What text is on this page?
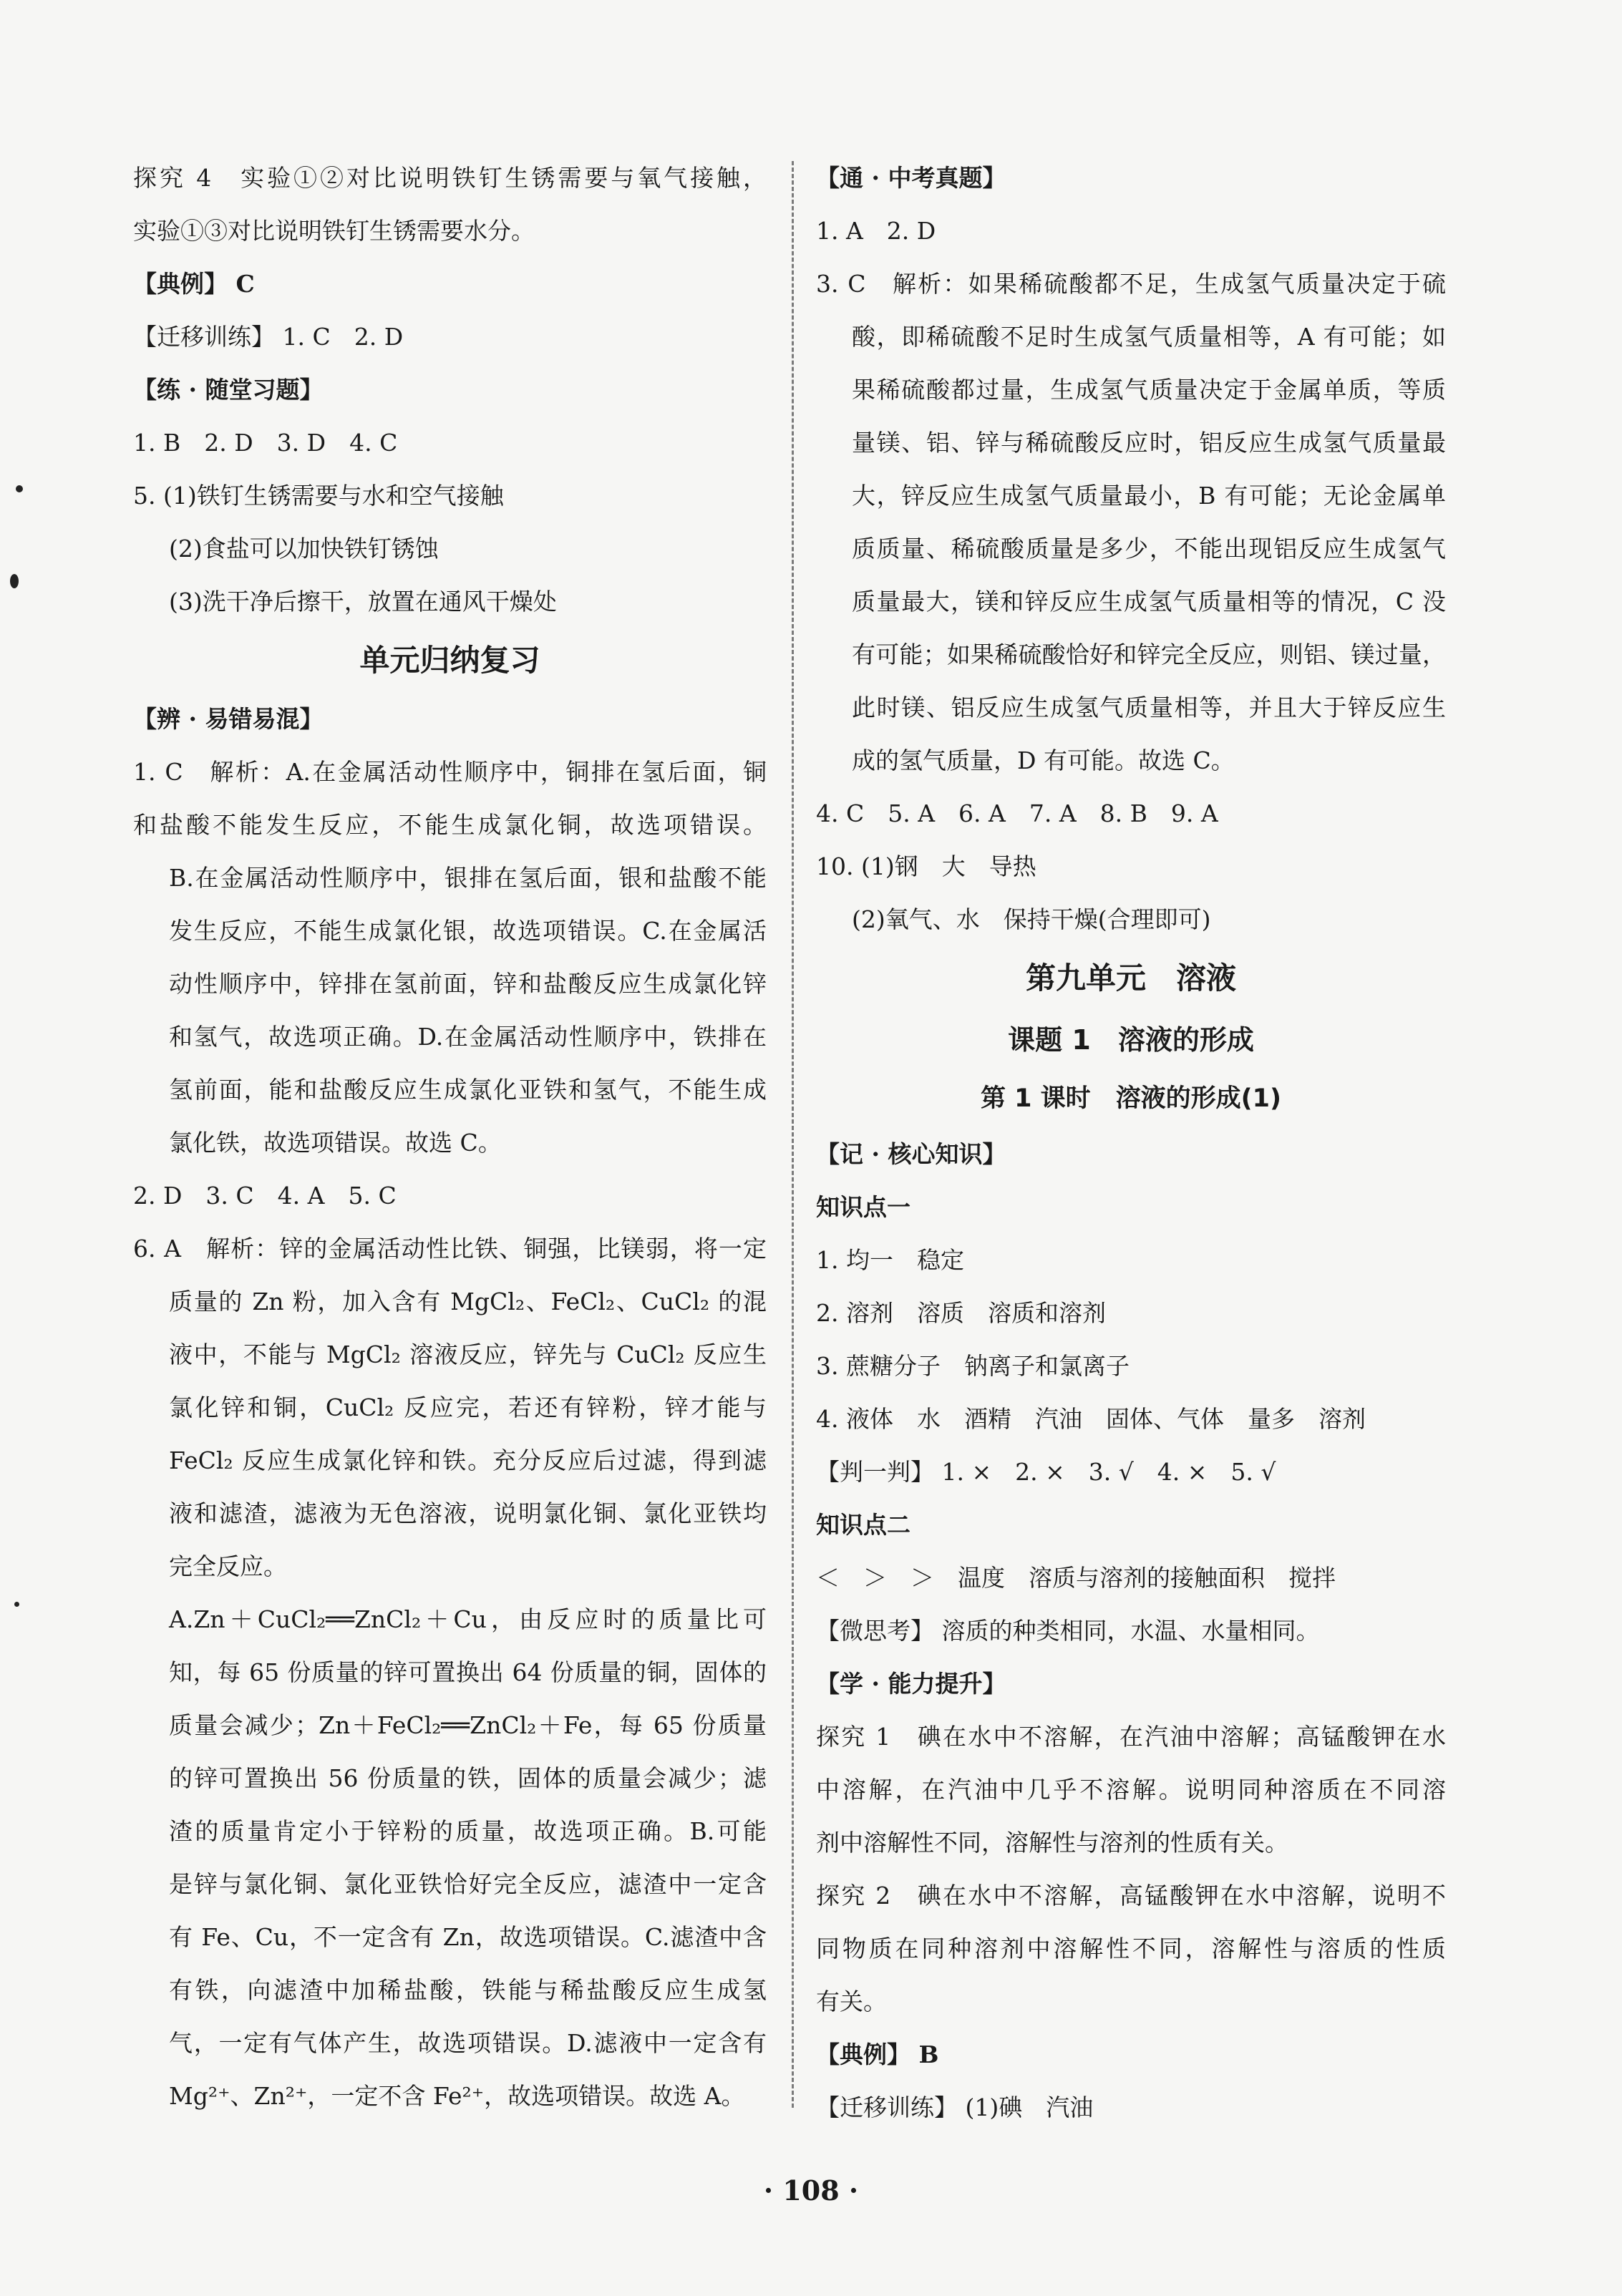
探究 4　实验①②对比说明铁钉生锈需要与氧气接触，
实验①③对比说明铁钉生锈需要水分。
【典例】 C
【迁移训练】 1. C　2. D
【练 · 随堂习题】
1. B　2. D　3. D　4. C
5. (1)铁钉生锈需要与水和空气接触
(2)食盐可以加快铁钉锈蚀
(3)洗干净后擦干，放置在通风干燥处
单元归纳复习
【辨 · 易错易混】
1. C　解析：A.在金属活动性顺序中，铜排在氢后面，铜
和盐酸不能发生反应，不能生成氯化铜，故选项错误。
B.在金属活动性顺序中，银排在氢后面，银和盐酸不能
发生反应，不能生成氯化银，故选项错误。C.在金属活
动性顺序中，锌排在氢前面，锌和盐酸反应生成氯化锌
和氢气，故选项正确。D.在金属活动性顺序中，铁排在
氢前面，能和盐酸反应生成氯化亚铁和氢气，不能生成
氯化铁，故选项错误。故选 C。
2. D　3. C　4. A　5. C
6. A　解析：锌的金属活动性比铁、铜强，比镁弱，将一定
质量的 Zn 粉，加入含有 MgCl₂、FeCl₂、CuCl₂ 的混
液中，不能与 MgCl₂ 溶液反应，锌先与 CuCl₂ 反应生
氯化锌和铜，CuCl₂ 反应完，若还有锌粉，锌才能与
FeCl₂ 反应生成氯化锌和铁。充分反应后过滤，得到滤
液和滤渣，滤液为无色溶液，说明氯化铜、氯化亚铁均
完全反应。
A.Zn＋CuCl₂══ZnCl₂＋Cu，由反应时的质量比可
知，每 65 份质量的锌可置换出 64 份质量的铜，固体的
质量会减少；Zn＋FeCl₂══ZnCl₂＋Fe，每 65 份质量
的锌可置换出 56 份质量的铁，固体的质量会减少；滤
渣的质量肯定小于锌粉的质量，故选项正确。B.可能
是锌与氯化铜、氯化亚铁恰好完全反应，滤渣中一定含
有 Fe、Cu，不一定含有 Zn，故选项错误。C.滤渣中含
有铁，向滤渣中加稀盐酸，铁能与稀盐酸反应生成氢
气，一定有气体产生，故选项错误。D.滤液中一定含有
Mg²⁺、Zn²⁺，一定不含 Fe²⁺，故选项错误。故选 A。
【通 · 中考真题】
1. A　2. D
3. C　解析：如果稀硫酸都不足，生成氢气质量决定于硫
酸，即稀硫酸不足时生成氢气质量相等，A 有可能；如
果稀硫酸都过量，生成氢气质量决定于金属单质，等质
量镁、铝、锌与稀硫酸反应时，铝反应生成氢气质量最
大，锌反应生成氢气质量最小，B 有可能；无论金属单
质质量、稀硫酸质量是多少，不能出现铝反应生成氢气
质量最大，镁和锌反应生成氢气质量相等的情况，C 没
有可能；如果稀硫酸恰好和锌完全反应，则铝、镁过量，
此时镁、铝反应生成氢气质量相等，并且大于锌反应生
成的氢气质量，D 有可能。故选 C。
4. C　5. A　6. A　7. A　8. B　9. A
10. (1)钢　大　导热
(2)氧气、水　保持干燥(合理即可)
第九单元　溶液
课题 1　溶液的形成
第 1 课时　溶液的形成(1)
【记 · 核心知识】
知识点一
1. 均一　稳定
2. 溶剂　溶质　溶质和溶剂
3. 蔗糖分子　钠离子和氯离子
4. 液体　水　酒精　汽油　固体、气体　量多　溶剂
【判一判】 1. ×　2. ×　3. √　4. ×　5. √
知识点二
＜　＞　＞　温度　溶质与溶剂的接触面积　搅拌
【微思考】 溶质的种类相同，水温、水量相同。
【学 · 能力提升】
探究 1　碘在水中不溶解，在汽油中溶解；高锰酸钾在水
中溶解，在汽油中几乎不溶解。说明同种溶质在不同溶
剂中溶解性不同，溶解性与溶剂的性质有关。
探究 2　碘在水中不溶解，高锰酸钾在水中溶解，说明不
同物质在同种溶剂中溶解性不同，溶解性与溶质的性质
有关。
【典例】 B
【迁移训练】 (1)碘　汽油
· 108 ·
